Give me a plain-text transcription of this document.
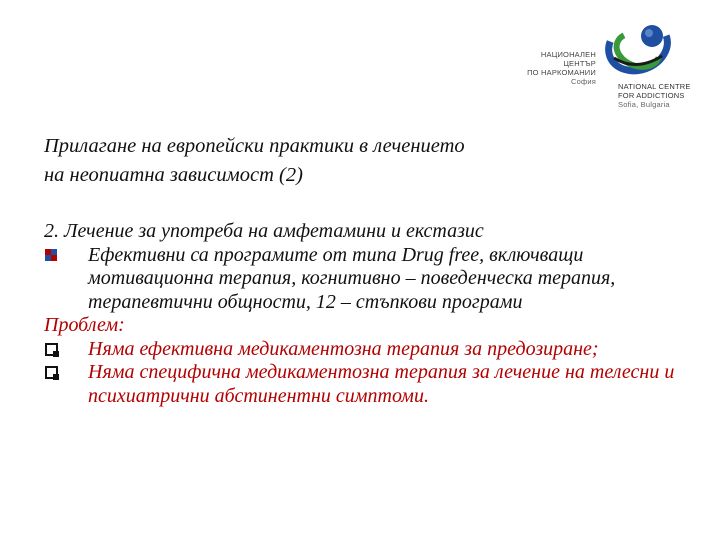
НАЦИОНАЛЕН ЦЕНТЪР
ПО НАРКОМАНИИ
София
NATIONAL CENTRE
FOR ADDICTIONS
Sofia, Bulgaria
Прилагане на европейски практики в лечението
на неопиатна зависимост (2)

2. Лечение за употреба на амфетамини и екстазис

Ефективни са програмите от типа Drug free, включващи мотивационна терапия, когнитивно – поведенческа терапия, терапевтични общности, 12 – стъпкови програми

Проблем:

Няма ефективна медикаментозна терапия за предозиране;
Няма специфична медикаментозна терапия за лечение на телесни и психиатрични абстинентни симптоми.
